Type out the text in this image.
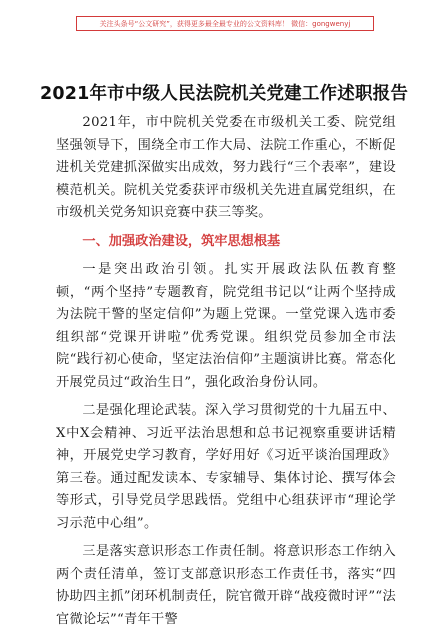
关注头条号“公文研究”，获得更多最全最专业的公文资料库！ 微信：gongwenyj
2021年市中级人民法院机关党建工作述职报告

2021年，市中院机关党委在市级机关工委、院党组坚强领导下，围绕全市工作大局、法院工作重心，不断促进机关党建抓深做实出成效，努力践行“三个表率”，建设模范机关。院机关党委获评市级机关先进直属党组织，在市级机关党务知识竞赛中获三等奖。

一、加强政治建设，筑牢思想根基

一是突出政治引领。扎实开展政法队伍教育整顿，“两个坚持”专题教育，院党组书记以“让两个坚持成为法院干警的坚定信仰”为题上党课。一堂党课入选市委组织部“党课开讲啦”优秀党课。组织党员参加全市法院“践行初心使命，坚定法治信仰”主题演讲比赛。常态化开展党员过“政治生日”，强化政治身份认同。

二是强化理论武装。深入学习贯彻党的十九届五中、X中X会精神、习近平法治思想和总书记视察重要讲话精神，开展党史学习教育，学好用好《习近平谈治国理政》第三卷。通过配发读本、专家辅导、集体讨论、撰写体会等形式，引导党员学思践悟。党组中心组获评市“理论学习示范中心组”。

三是落实意识形态工作责任制。将意识形态工作纳入两个责任清单，签订支部意识形态工作责任书，落实“四协助四主抓”闭环机制责任，院官微开辟“战疫微时评”“法官微论坛”“青年干警
